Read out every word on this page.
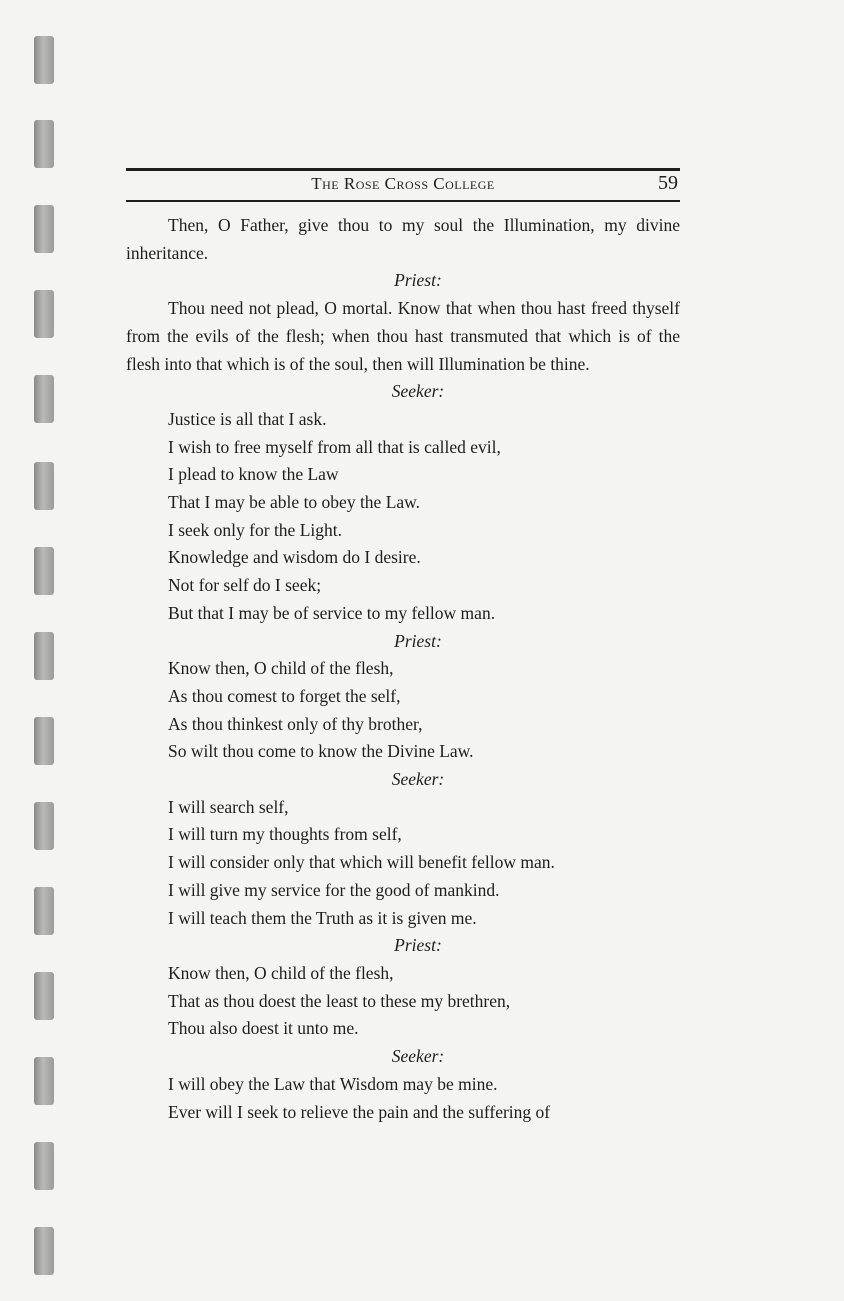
The Rose Cross College	59

Then, O Father, give thou to my soul the Illumination, my divine inheritance.

Priest:

Thou need not plead, O mortal. Know that when thou hast freed thyself from the evils of the flesh; when thou hast transmuted that which is of the flesh into that which is of the soul, then will Illumination be thine.

Seeker:

Justice is all that I ask.

I wish to free myself from all that is called evil,

I plead to know the Law

That I may be able to obey the Law.

I seek only for the Light.

Knowledge and wisdom do I desire.

Not for self do I seek;

But that I may be of service to my fellow man.

Priest:

Know then, O child of the flesh,

As thou comest to forget the self,

As thou thinkest only of thy brother,

So wilt thou come to know the Divine Law.

Seeker:

I will search self,

I will turn my thoughts from self,

I will consider only that which will benefit fellow man.

I will give my service for the good of mankind.

I will teach them the Truth as it is given me.

Priest:

Know then, O child of the flesh,

That as thou doest the least to these my brethren,

Thou also doest it unto me.

Seeker:

I will obey the Law that Wisdom may be mine.

Ever will I seek to relieve the pain and the suffering of
